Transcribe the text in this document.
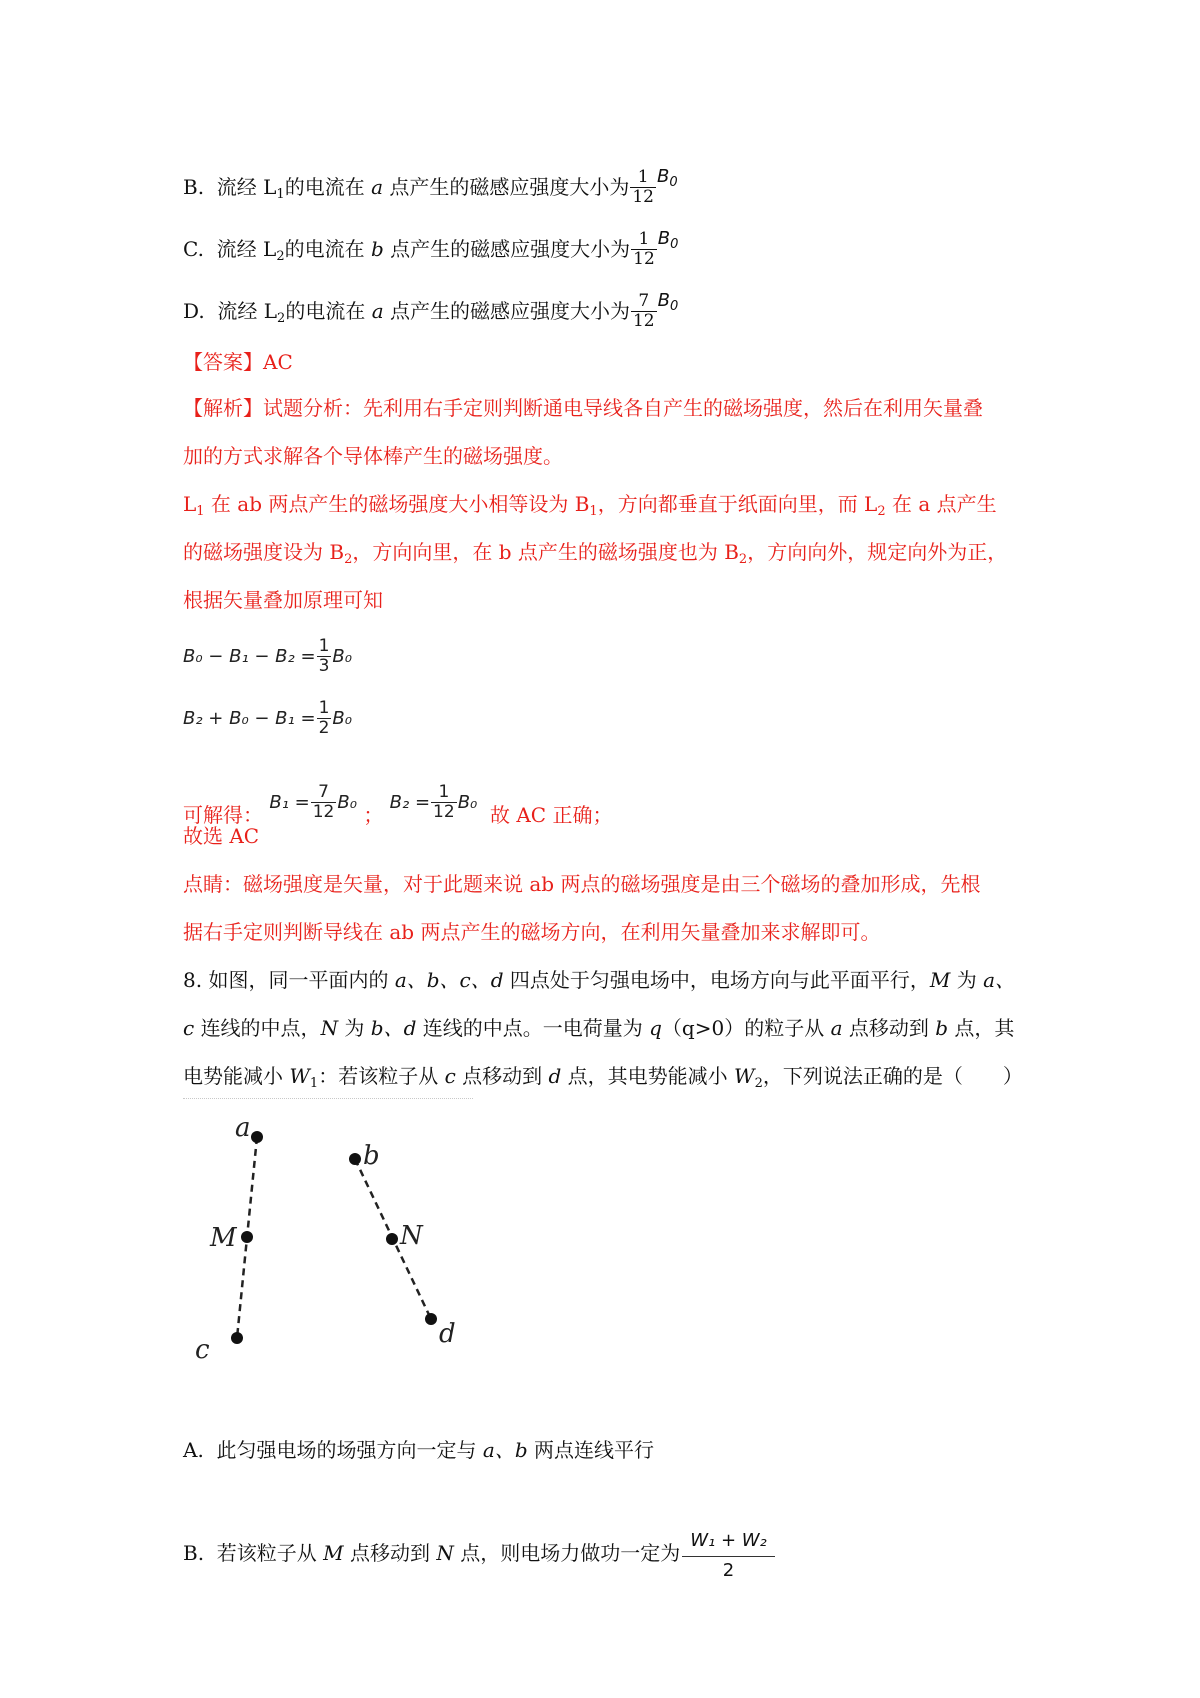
B. 流经 $L_1$的电流在 a 点产生的磁感应强度大小为 $\frac{1}{12} B_0$
C. 流经 $L_2$的电流在 b 点产生的磁感应强度大小为 $\frac{1}{12} B_0$
D. 流经 $L_2$的电流在 a 点产生的磁感应强度大小为 $\frac{7}{12} B_0$
【答案】AC
【解析】试题分析：先利用右手定则判断通电导线各自产生的磁场强度，然后在利用矢量叠
加的方式求解各个导体棒产生的磁场强度。
$L_1$ 在 ab 两点产生的磁场强度大小相等设为 $B_1$，方向都垂直于纸面向里，而 $L_2$ 在 a 点产生
的磁场强度设为 $B_2$，方向向里，在 b 点产生的磁场强度也为 $B_2$，方向向外，规定向外为正，
根据矢量叠加原理可知
$B_0 - B_1 - B_2 = \frac{1}{3} B_0$
$B_2 + B_0 - B_1 = \frac{1}{2} B_0$
可解得： $B_1 = \frac{7}{12} B_0$ ； $B_2 = \frac{1}{12} B_0$  故 AC 正确；
故选 AC
点睛：磁场强度是矢量，对于此题来说 ab 两点的磁场强度是由三个磁场的叠加形成，先根
据右手定则判断导线在 ab 两点产生的磁场方向，在利用矢量叠加来求解即可。
8. 如图，同一平面内的 a、b、c、d 四点处于匀强电场中，电场方向与此平面平行，M 为 a、
c 连线的中点，N 为 b、d 连线的中点。一电荷量为 q（q>0）的粒子从 a 点移动到 b 点，其
电势能减小 $W_1$：若该粒子从 c 点移动到 d 点，其电势能减小 $W_2$，下列说法正确的是（　　）
a
b
M	N
c
d
A. 此匀强电场的场强方向一定与 a、b 两点连线平行
B. 若该粒子从 M 点移动到 N 点，则电场力做功一定为 $\frac{\text{W₁ + W₂}}{2}$
